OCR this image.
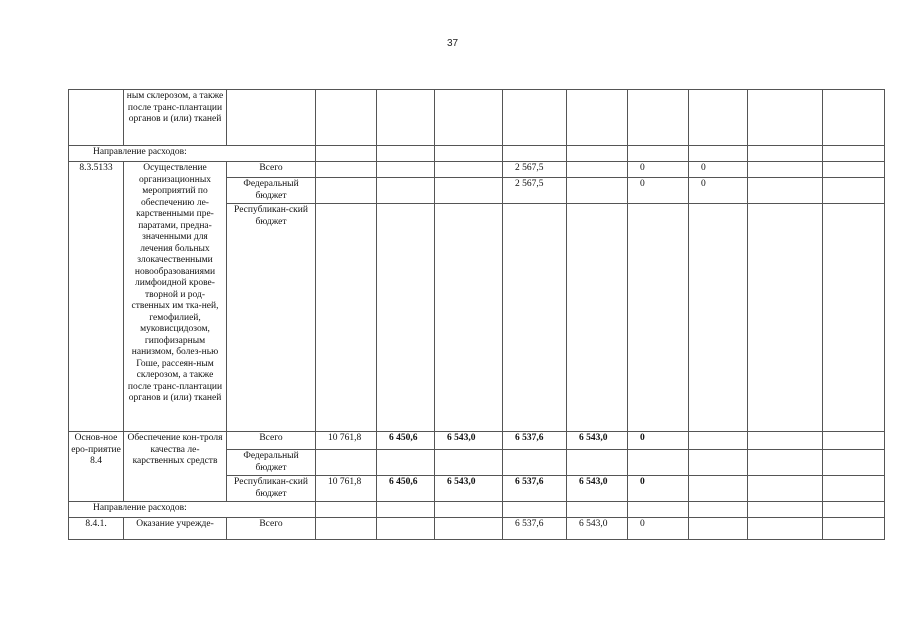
37
	ным склерозом, а также после транс-плантации органов и (или) тканей										
Направление расходов:											
8.3.5133	Осуществление организационных мероприятий по обеспечению ле-карственными пре-паратами, предна-значенными для лечения больных злокачественными новообразованиями лимфоидной крове-творной и род-ственных им тка-ней, гемофилией, муковисцидозом, гипофизарным нанизмом, болез-нью Гоше, рассеян-ным склерозом, а также после транс-плантации органов и (или) тканей	Всего				2 567,5		0	0		
		Федеральный бюджет				2 567,5		0	0		
		Республикан-ский бюджет									
Основ-ное еро-приятие 8.4	Обеспечение кон-троля качества ле-карственных средств	Всего	10 761,8	6 450,6	6 543,0	6 537,6	6 543,0	0			
		Федеральный бюджет									
		Республикан-ский бюджет	10 761,8	6 450,6	6 543,0	6 537,6	6 543,0	0			
Направление расходов:											
8.4.1.	Оказание учрежде-	Всего				6 537,6	6 543,0	0			
